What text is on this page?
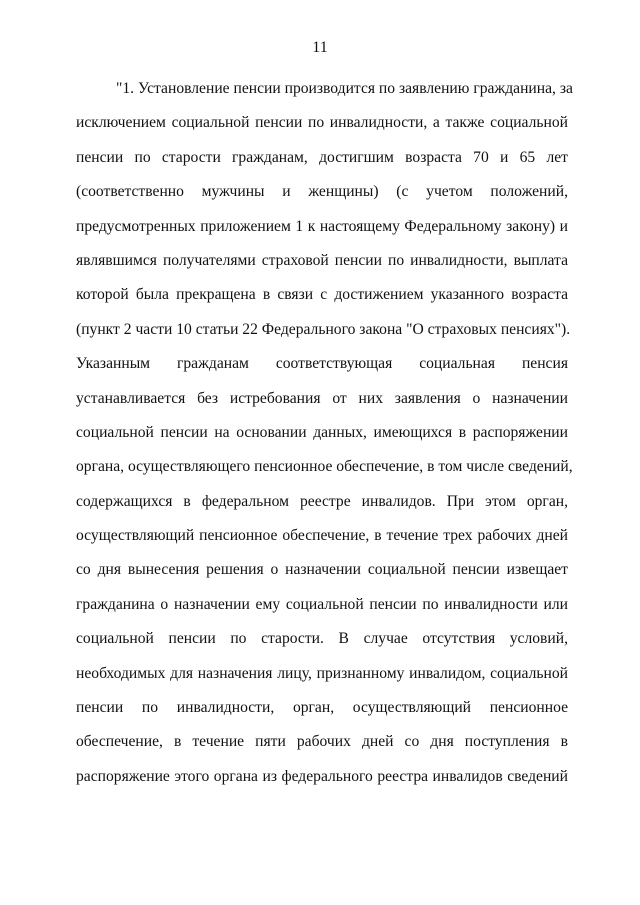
11
"1. Установление пенсии производится по заявлению гражданина, за
исключением социальной пенсии по инвалидности, а также социальной
пенсии по старости гражданам, достигшим возраста 70 и 65 лет
(соответственно мужчины и женщины) (с учетом положений,
предусмотренных приложением 1 к настоящему Федеральному закону) и
являвшимся получателями страховой пенсии по инвалидности, выплата
которой была прекращена в связи с достижением указанного возраста
(пункт 2 части 10 статьи 22 Федерального закона "О страховых пенсиях").
Указанным гражданам соответствующая социальная пенсия
устанавливается без истребования от них заявления о назначении
социальной пенсии на основании данных, имеющихся в распоряжении
органа, осуществляющего пенсионное обеспечение, в том числе сведений,
содержащихся в федеральном реестре инвалидов. При этом орган,
осуществляющий пенсионное обеспечение, в течение трех рабочих дней
со дня вынесения решения о назначении социальной пенсии извещает
гражданина о назначении ему социальной пенсии по инвалидности или
социальной пенсии по старости. В случае отсутствия условий,
необходимых для назначения лицу, признанному инвалидом, социальной
пенсии по инвалидности, орган, осуществляющий пенсионное
обеспечение, в течение пяти рабочих дней со дня поступления в
распоряжение этого органа из федерального реестра инвалидов сведений
